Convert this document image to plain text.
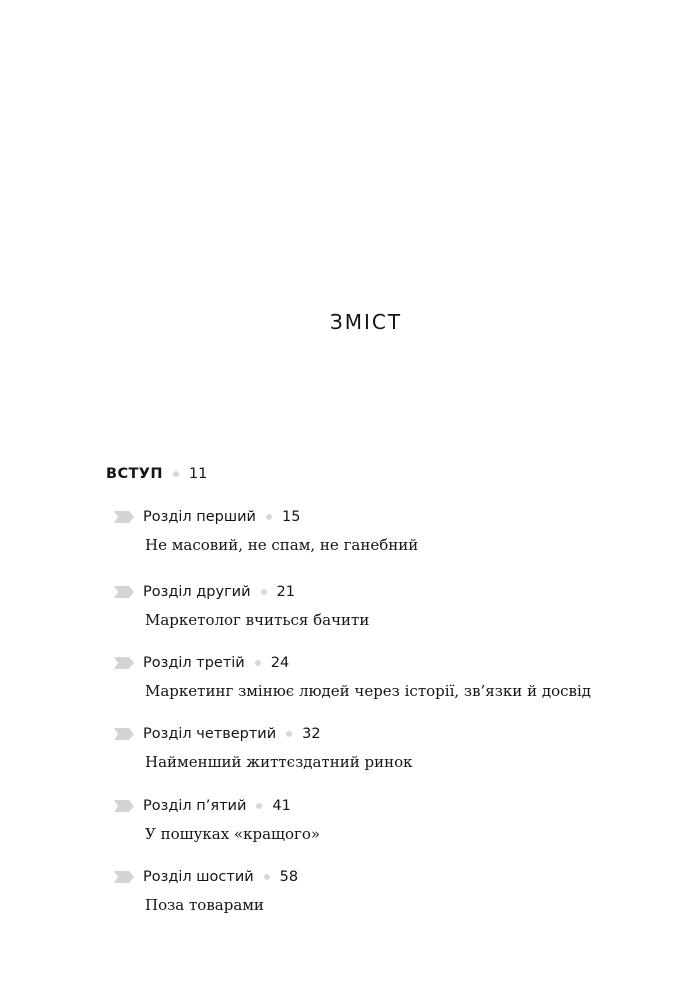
ЗМІСТ
ВСТУП 11
Розділ перший 15
Не масовий, не спам, не ганебний
Розділ другий 21
Маркетолог вчиться бачити
Розділ третій 24
Маркетинг змінює людей через історії, зв’язки й досвід
Розділ четвертий 32
Найменший життєздатний ринок
Розділ п’ятий 41
У пошуках «кращого»
Розділ шостий 58
Поза товарами
